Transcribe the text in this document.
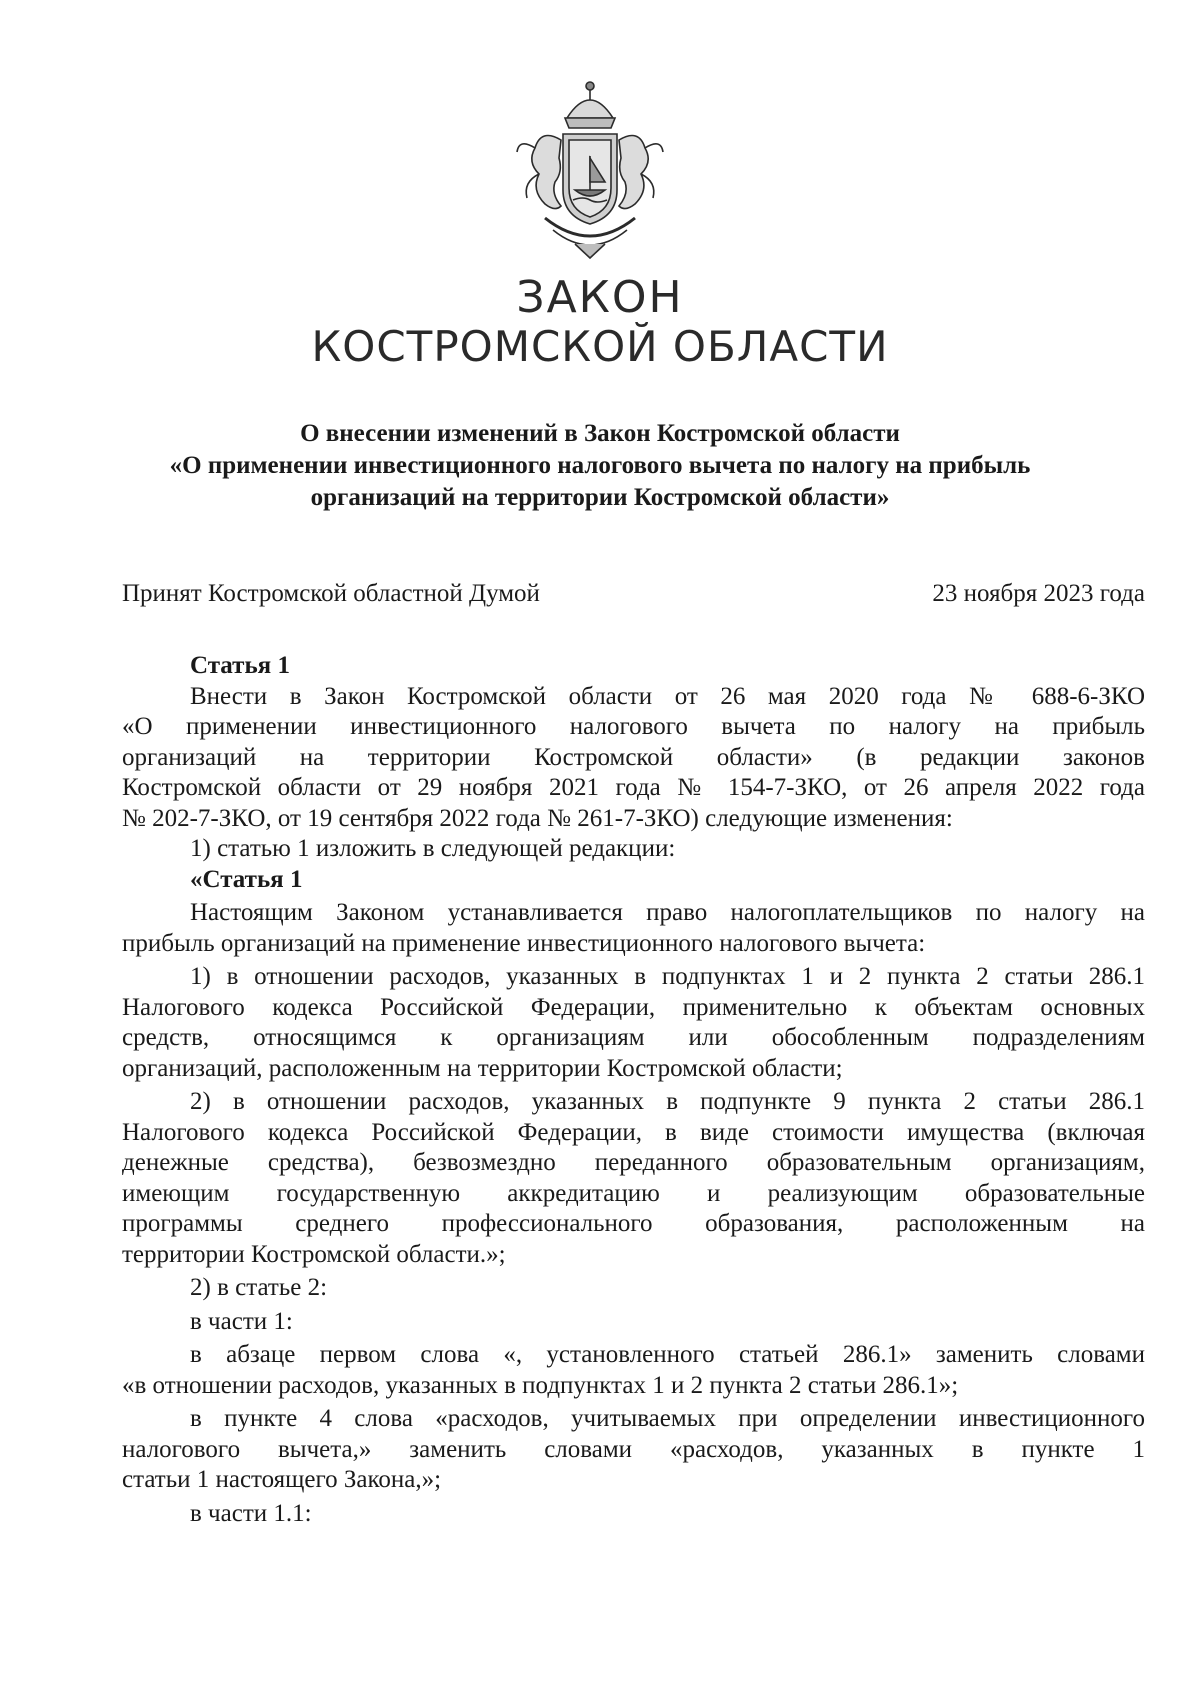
ЗАКОН
КОСТРОМСКОЙ ОБЛАСТИ
О внесении изменений в Закон Костромской области
«О применении инвестиционного налогового вычета по налогу на прибыль
организаций на территории Костромской области»
Принят Костромской областной Думой	23 ноября 2023 года
Статья 1
Внести в Закон Костромской области от 26 мая 2020 года № 688-6-ЗКО
«О применении инвестиционного налогового вычета по налогу на прибыль
организаций на территории Костромской области» (в редакции законов
Костромской области от 29 ноября 2021 года № 154-7-ЗКО, от 26 апреля 2022 года
№ 202-7-ЗКО, от 19 сентября 2022 года № 261-7-ЗКО) следующие изменения:
1) статью 1 изложить в следующей редакции:
«Статья 1
Настоящим Законом устанавливается право налогоплательщиков по налогу на
прибыль организаций на применение инвестиционного налогового вычета:
1) в отношении расходов, указанных в подпунктах 1 и 2 пункта 2 статьи 286.1
Налогового кодекса Российской Федерации, применительно к объектам основных
средств, относящимся к организациям или обособленным подразделениям
организаций, расположенным на территории Костромской области;
2) в отношении расходов, указанных в подпункте 9 пункта 2 статьи 286.1
Налогового кодекса Российской Федерации, в виде стоимости имущества (включая
денежные средства), безвозмездно переданного образовательным организациям,
имеющим государственную аккредитацию и реализующим образовательные
программы среднего профессионального образования, расположенным на
территории Костромской области.»;
2) в статье 2:
в части 1:
в абзаце первом слова «, установленного статьей 286.1» заменить словами
«в отношении расходов, указанных в подпунктах 1 и 2 пункта 2 статьи 286.1»;
в пункте 4 слова «расходов, учитываемых при определении инвестиционного
налогового вычета,» заменить словами «расходов, указанных в пункте 1
статьи 1 настоящего Закона,»;
в части 1.1:
